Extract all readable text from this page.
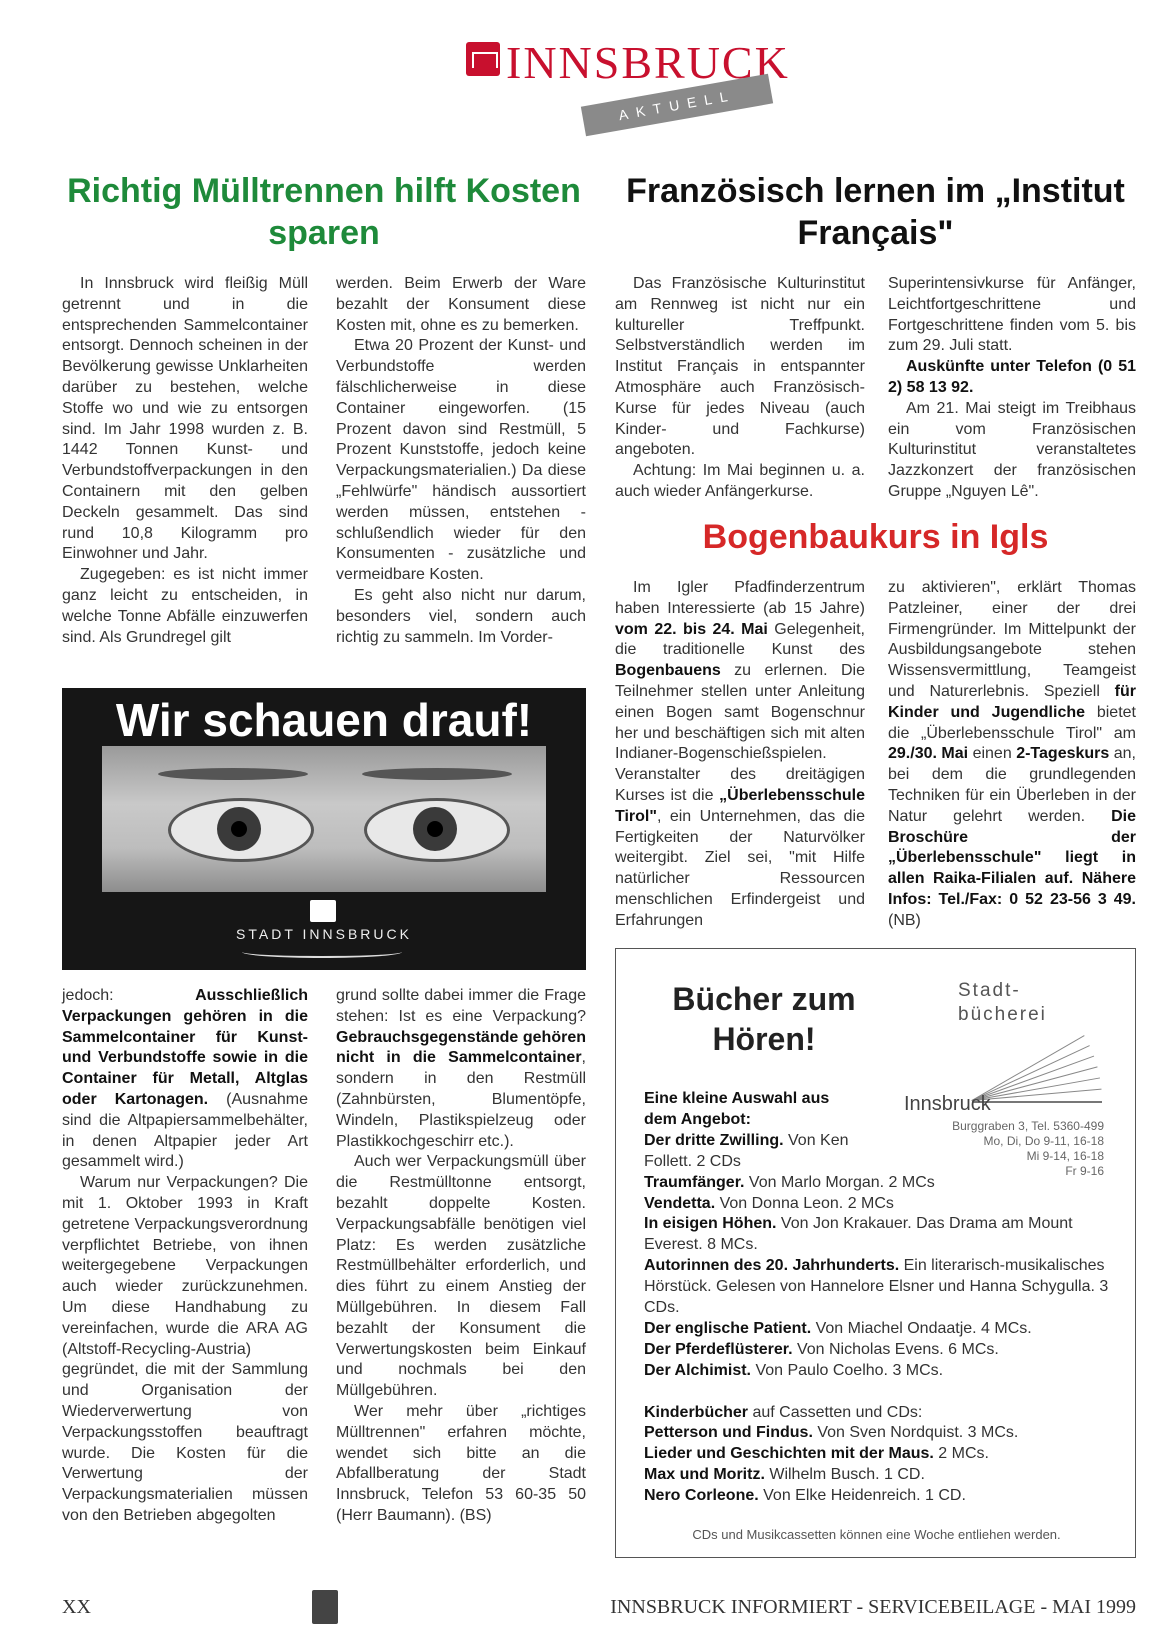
INNSBRUCK
AKTUELL
Richtig Mülltrennen hilft Kosten sparen

In Innsbruck wird fleißig Müll getrennt und in die entsprechenden Sammelcontainer entsorgt. Dennoch scheinen in der Bevölkerung gewisse Unklarheiten darüber zu bestehen, welche Stoffe wo und wie zu entsorgen sind. Im Jahr 1998 wurden z. B. 1442 Tonnen Kunst- und Verbundstoffverpackungen in den Containern mit den gelben Deckeln gesammelt. Das sind rund 10,8 Kilogramm pro Einwohner und Jahr.

Zugegeben: es ist nicht immer ganz leicht zu entscheiden, in welche Tonne Abfälle einzuwerfen sind. Als Grundregel gilt

werden. Beim Erwerb der Ware bezahlt der Konsument diese Kosten mit, ohne es zu bemerken.

Etwa 20 Prozent der Kunst- und Verbundstoffe werden fälschlicherweise in diese Container eingeworfen. (15 Prozent davon sind Restmüll, 5 Prozent Kunststoffe, jedoch keine Verpackungsmaterialien.) Da diese „Fehlwürfe" händisch aussortiert werden müssen, entstehen - schlußendlich wieder für den Konsumenten - zusätzliche und vermeidbare Kosten.

Es geht also nicht nur darum, besonders viel, sondern auch richtig zu sammeln. Im Vorder-

Wir schauen drauf!
STADT INNSBRUCK

jedoch: Ausschließlich Verpackungen gehören in die Sammelcontainer für Kunst- und Verbundstoffe sowie in die Container für Metall, Altglas oder Kartonagen. (Ausnahme sind die Altpapiersammelbehälter, in denen Altpapier jeder Art gesammelt wird.)

Warum nur Verpackungen? Die mit 1. Oktober 1993 in Kraft getretene Verpackungsverordnung verpflichtet Betriebe, von ihnen weitergegebene Verpackungen auch wieder zurückzunehmen. Um diese Handhabung zu vereinfachen, wurde die ARA AG (Altstoff-Recycling-Austria) gegründet, die mit der Sammlung und Organisation der Wiederverwertung von Verpackungsstoffen beauftragt wurde. Die Kosten für die Verwertung der Verpackungsmaterialien müssen von den Betrieben abgegolten

grund sollte dabei immer die Frage stehen: Ist es eine Verpackung? Gebrauchsgegenstände gehören nicht in die Sammelcontainer, sondern in den Restmüll (Zahnbürsten, Blumentöpfe, Windeln, Plastikspielzeug oder Plastikkochgeschirr etc.).

Auch wer Verpackungsmüll über die Restmülltonne entsorgt, bezahlt doppelte Kosten. Verpackungsabfälle benötigen viel Platz: Es werden zusätzliche Restmüllbehälter erforderlich, und dies führt zu einem Anstieg der Müllgebühren. In diesem Fall bezahlt der Konsument die Verwertungskosten beim Einkauf und nochmals bei den Müllgebühren.

Wer mehr über „richtiges Mülltrennen" erfahren möchte, wendet sich bitte an die Abfallberatung der Stadt Innsbruck, Telefon 53 60-35 50 (Herr Baumann). (BS)

Französisch lernen im „Institut Français"

Das Französische Kulturinstitut am Rennweg ist nicht nur ein kultureller Treffpunkt. Selbstverständlich werden im Institut Français in entspannter Atmosphäre auch Französisch-Kurse für jedes Niveau (auch Kinder- und Fachkurse) angeboten.

Achtung: Im Mai beginnen u. a. auch wieder Anfängerkurse.

Superintensivkurse für Anfänger, Leichtfortgeschrittene und Fortgeschrittene finden vom 5. bis zum 29. Juli statt.

Auskünfte unter Telefon (0 51 2) 58 13 92.

Am 21. Mai steigt im Treibhaus ein vom Französischen Kulturinstitut veranstaltetes Jazzkonzert der französischen Gruppe „Nguyen Lê".

Bogenbaukurs in Igls

Im Igler Pfadfinderzentrum haben Interessierte (ab 15 Jahre) vom 22. bis 24. Mai Gelegenheit, die traditionelle Kunst des Bogenbauens zu erlernen. Die Teilnehmer stellen unter Anleitung einen Bogen samt Bogenschnur her und beschäftigen sich mit alten Indianer-Bogenschießspielen. Veranstalter des dreitägigen Kurses ist die „Überlebensschule Tirol", ein Unternehmen, das die Fertigkeiten der Naturvölker weitergibt. Ziel sei, "mit Hilfe natürlicher Ressourcen menschlichen Erfindergeist und Erfahrungen

zu aktivieren", erklärt Thomas Patzleiner, einer der drei Firmengründer. Im Mittelpunkt der Ausbildungsangebote stehen Wissensvermittlung, Teamgeist und Naturerlebnis. Speziell für Kinder und Jugendliche bietet die „Überlebensschule Tirol" am 29./30. Mai einen 2-Tageskurs an, bei dem die grundlegenden Techniken für ein Überleben in der Natur gelehrt werden. Die Broschüre der „Überlebensschule" liegt in allen Raika-Filialen auf. Nähere Infos: Tel./Fax: 0 52 23-56 3 49. (NB)

Bücher zum Hören!
Stadt-bücherei
Innsbruck
Burggraben 3, Tel. 5360-499
Mo, Di, Do 9-11, 16-18
Mi 9-14, 16-18
Fr 9-16
Eine kleine Auswahl aus dem Angebot:
Der dritte Zwilling. Von Ken Follett. 2 CDs
Traumfänger. Von Marlo Morgan. 2 MCs
Vendetta. Von Donna Leon. 2 MCs
In eisigen Höhen. Von Jon Krakauer. Das Drama am Mount Everest. 8 MCs.
Autorinnen des 20. Jahrhunderts. Ein literarisch-musikalisches Hörstück. Gelesen von Hannelore Elsner und Hanna Schygulla. 3 CDs.
Der englische Patient. Von Miachel Ondaatje. 4 MCs.
Der Pferdeflüsterer. Von Nicholas Evens. 6 MCs.
Der Alchimist. Von Paulo Coelho. 3 MCs.
Kinderbücher auf Cassetten und CDs:
Petterson und Findus. Von Sven Nordquist. 3 MCs.
Lieder und Geschichten mit der Maus. 2 MCs.
Max und Moritz. Wilhelm Busch. 1 CD.
Nero Corleone. Von Elke Heidenreich. 1 CD.
CDs und Musikcassetten können eine Woche entliehen werden.
XX	INNSBRUCK INFORMIERT - SERVICEBEILAGE - MAI 1999
